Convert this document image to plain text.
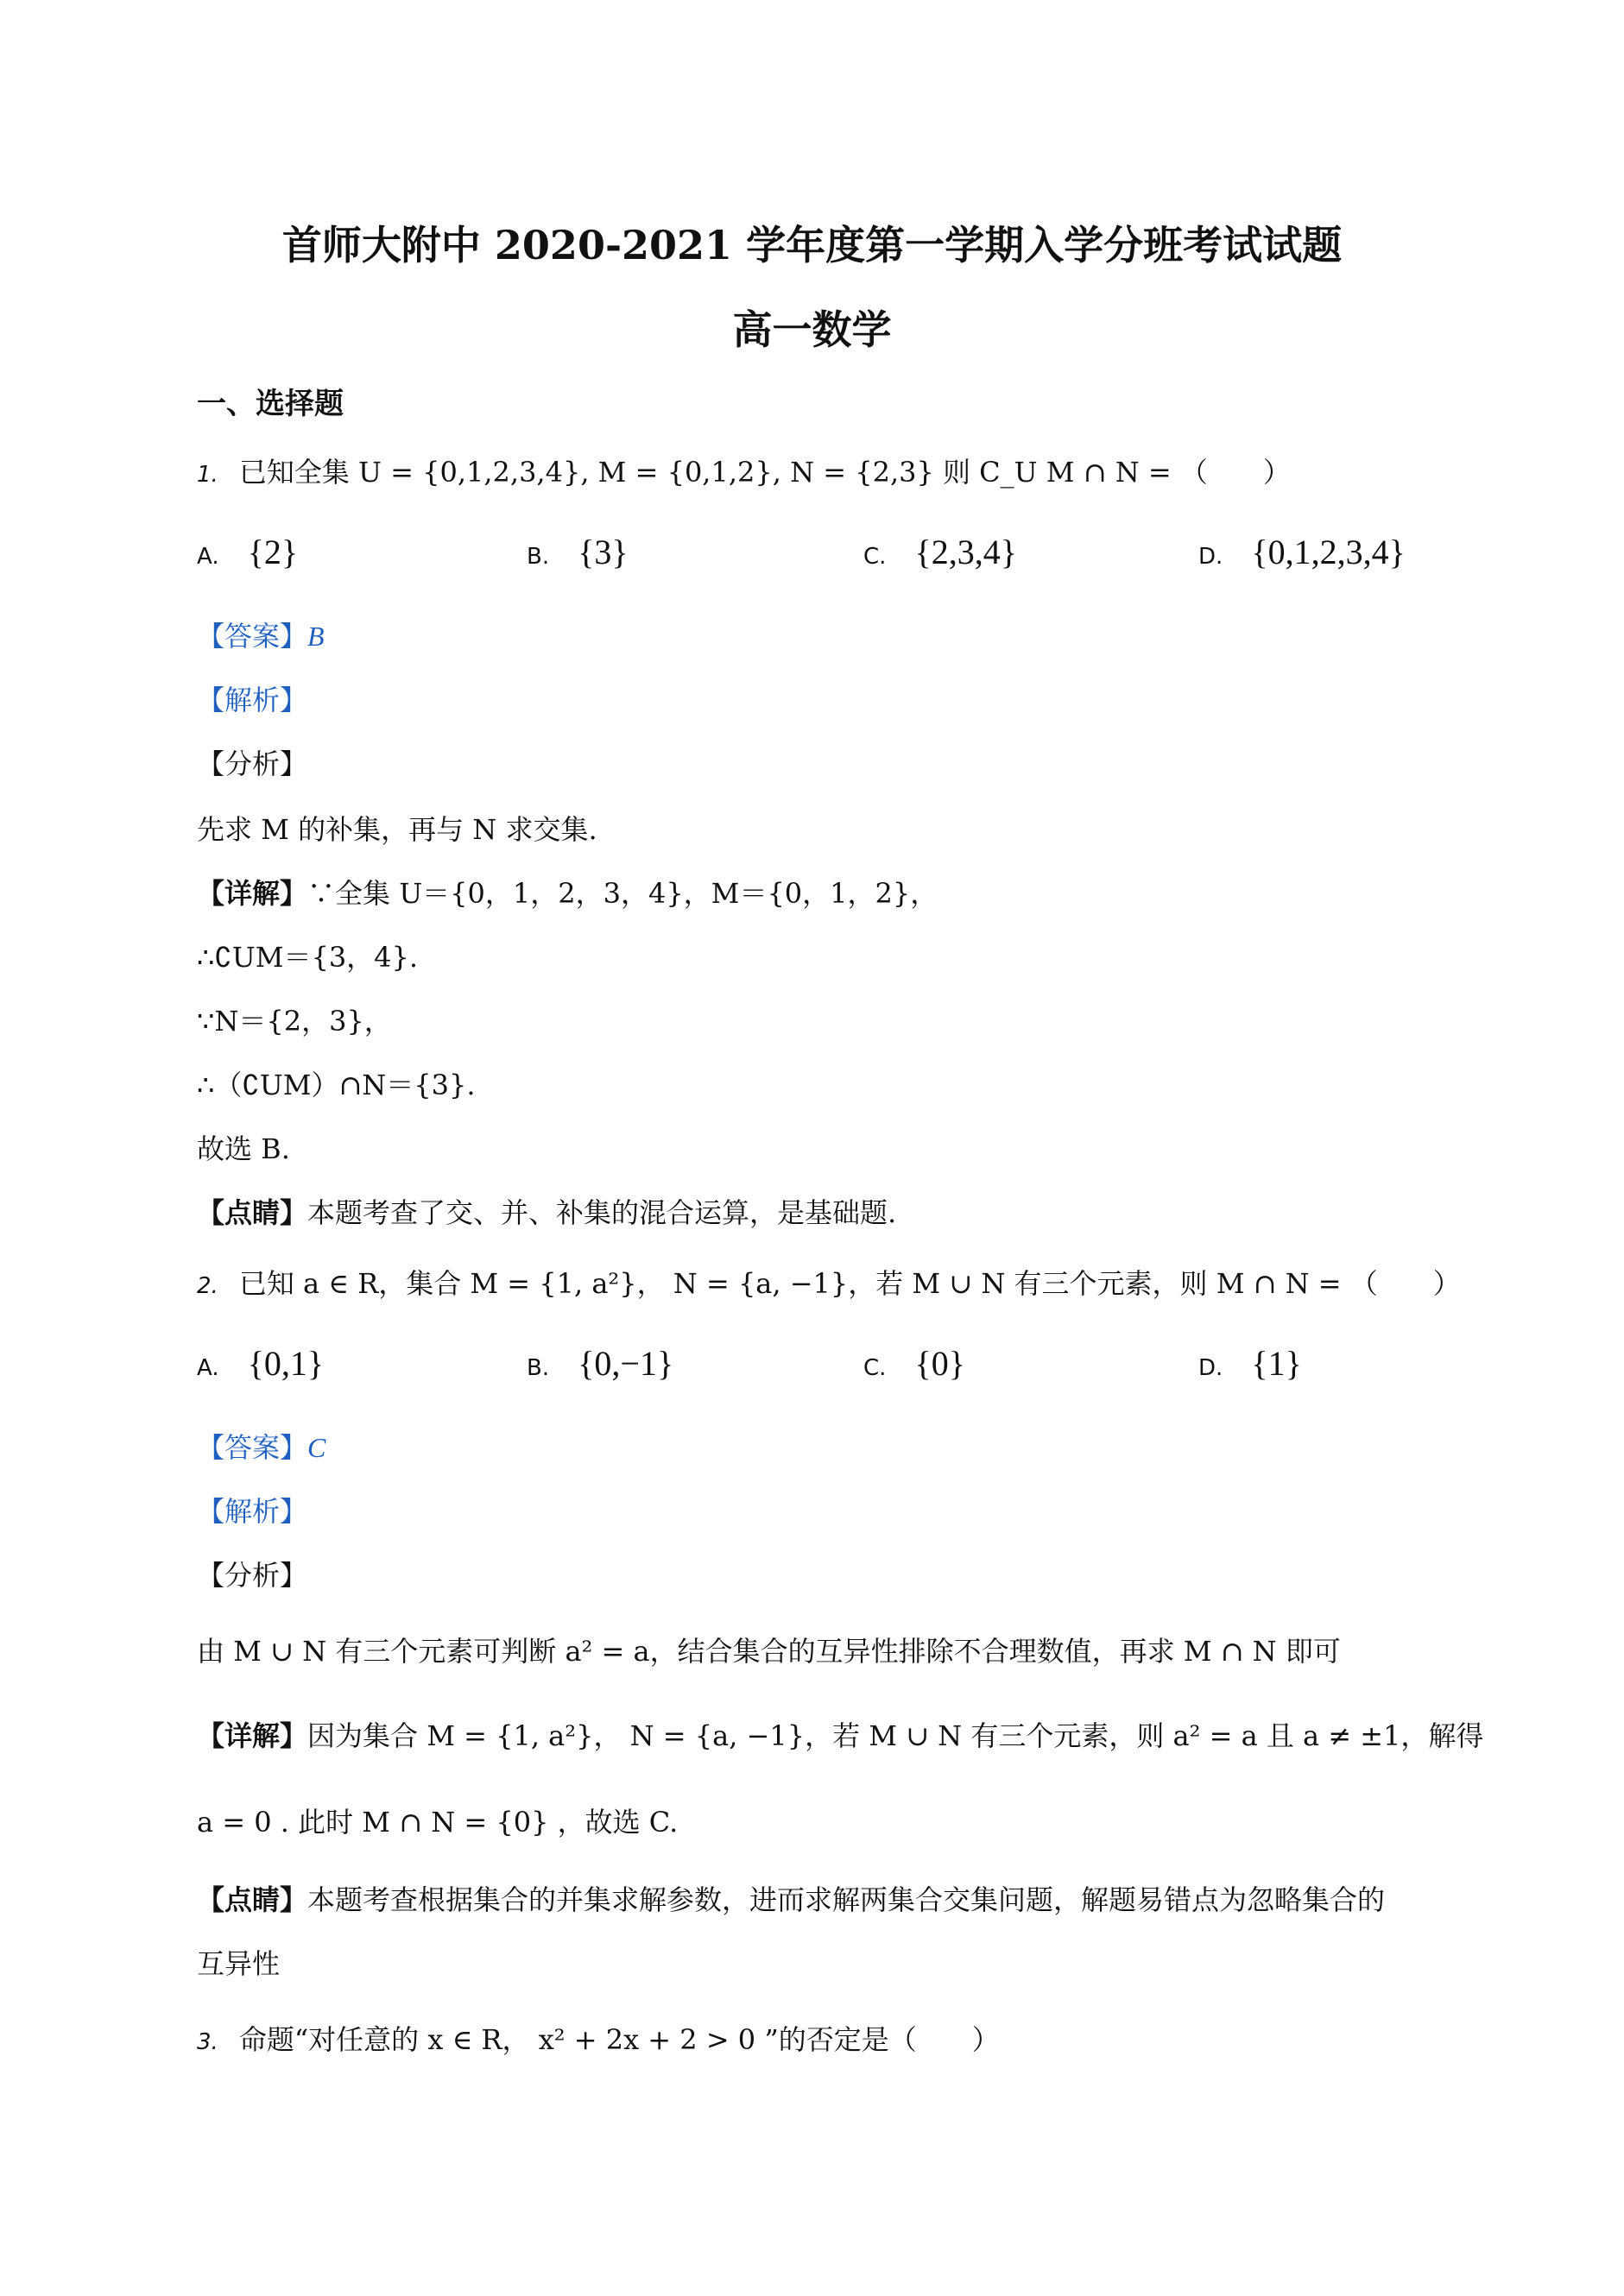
首师大附中 2020-2021 学年度第一学期入学分班考试试题
高一数学
一、选择题
1. 已知全集 U = {0,1,2,3,4}, M = {0,1,2}, N = {2,3} 则 C_U M ∩ N = （　　）
A. {2}	B. {3}	C. {2,3,4}	D. {0,1,2,3,4}
【答案】B
【解析】
【分析】
先求 M 的补集，再与 N 求交集.
【详解】∵全集 U＝{0，1，2，3，4}，M＝{0，1，2}，
∴∁UM＝{3，4}.
∵N＝{2，3}，
∴（∁UM）∩N＝{3}.
故选 B.
【点睛】本题考查了交、并、补集的混合运算，是基础题.
2. 已知 a ∈ R，集合 M = {1, a²}， N = {a, −1}，若 M ∪ N 有三个元素，则 M ∩ N = （　　）
A. {0,1}	B. {0,−1}	C. {0}	D. {1}
【答案】C
【解析】
【分析】
由 M ∪ N 有三个元素可判断 a² = a，结合集合的互异性排除不合理数值，再求 M ∩ N 即可
【详解】因为集合 M = {1, a²}， N = {a, −1}，若 M ∪ N 有三个元素，则 a² = a 且 a ≠ ±1，解得
a = 0 . 此时 M ∩ N = {0} ，故选 C.
【点睛】本题考查根据集合的并集求解参数，进而求解两集合交集问题，解题易错点为忽略集合的
互异性
3. 命题“对任意的 x ∈ R， x² + 2x + 2 > 0 ”的否定是（　　）
